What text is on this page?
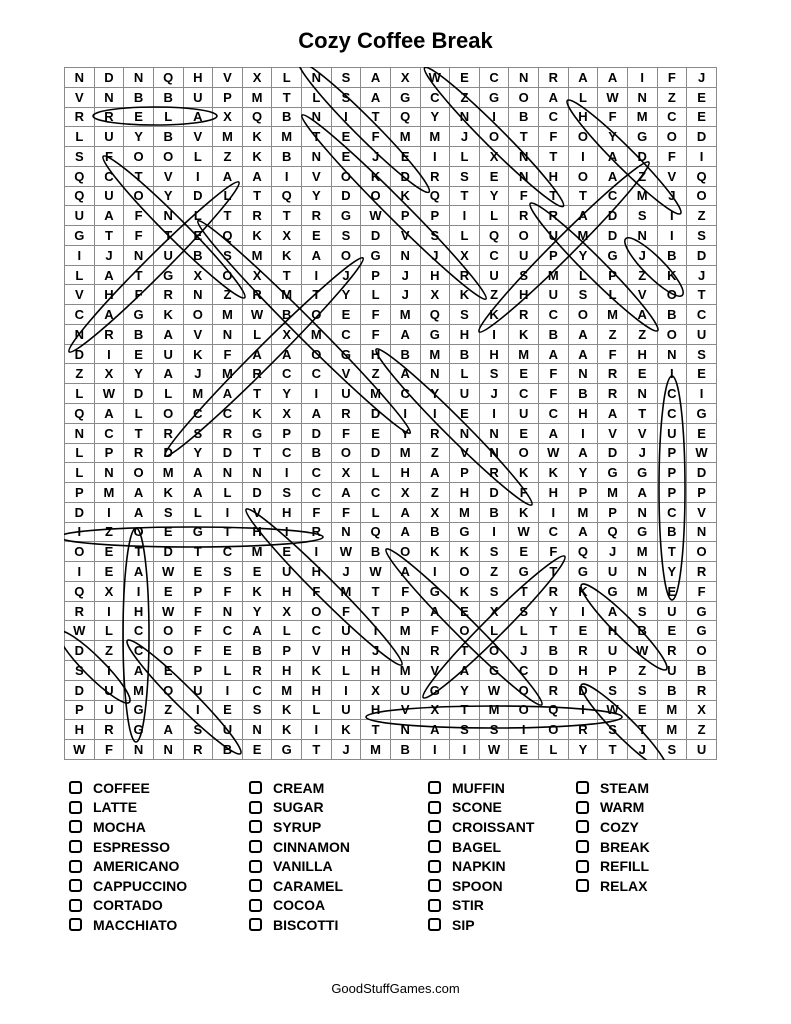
Cozy Coffee Break
N	D	N	Q	H	V	X	L	N	S	A	X	W	E	C	N	R	A	A	I	F	J
V	N	B	B	U	P	M	T	L	S	A	G	C	Z	G	O	A	L	W	N	Z	E
R	R	E	L	A	X	Q	B	N	I	T	Q	Y	N	I	B	C	H	F	M	C	E
L	U	Y	B	V	M	K	M	T	E	F	M	M	J	O	T	F	O	Y	G	O	D
S	F	O	O	L	Z	K	B	N	E	J	E	I	L	X	N	T	I	A	D	F	I
Q	C	T	V	I	A	A	I	V	O	K	D	R	S	E	N	H	O	A	Z	V	Q
Q	U	O	Y	D	L	T	Q	Y	D	O	K	Q	T	Y	F	T	T	C	M	J	O
U	A	F	N	L	T	R	T	R	G	W	P	P	I	L	R	R	A	D	S	I	Z
G	T	F	T	E	Q	K	X	E	S	D	V	S	L	Q	O	U	M	D	N	I	S
I	J	N	U	B	S	M	K	A	O	G	N	J	X	C	U	P	Y	G	J	B	D
L	A	T	G	X	O	X	T	I	J	P	J	H	R	U	S	M	L	P	Z	K	J
V	H	F	R	N	Z	R	M	T	Y	L	J	X	K	Z	H	U	S	L	V	O	T
C	A	G	K	O	M	W	B	O	E	F	M	Q	S	K	R	C	O	M	A	B	C
N	R	B	A	V	N	L	X	M	C	F	A	G	H	I	K	B	A	Z	Z	O	U
D	I	E	U	K	F	A	A	O	G	H	B	M	B	H	M	A	A	F	H	N	S
Z	X	Y	A	J	M	R	C	C	V	Z	A	N	L	S	E	F	N	R	E	I	E
L	W	D	L	M	A	T	Y	I	U	M	C	Y	U	J	C	F	B	R	N	C	I
Q	A	L	O	C	C	K	X	A	R	D	I	I	E	I	U	C	H	A	T	C	G
N	C	T	R	S	R	G	P	D	F	E	Y	R	N	N	E	A	I	V	V	U	E
L	P	R	D	Y	D	T	C	B	O	D	M	Z	V	N	O	W	A	D	J	P	W
L	N	O	M	A	N	N	I	C	X	L	H	A	P	R	K	K	Y	G	G	P	D
P	M	A	K	A	L	D	S	C	A	C	X	Z	H	D	F	H	P	M	A	P	P
D	I	A	S	L	I	V	H	F	F	L	A	X	M	B	K	I	M	P	N	C	V
I	Z	O	E	G	T	H	I	R	N	Q	A	B	G	I	W	C	A	Q	G	B	N
O	E	T	D	T	C	M	E	I	W	B	O	K	K	S	E	F	Q	J	M	T	O
I	E	A	W	E	S	E	U	H	J	W	A	I	O	Z	G	T	G	U	N	Y	R
Q	X	I	E	P	F	K	H	F	M	T	F	G	K	S	T	R	K	G	M	E	F
R	I	H	W	F	N	Y	X	O	F	T	P	A	E	X	S	Y	I	A	S	U	G
W	L	C	O	F	C	A	L	C	U	I	M	F	O	L	L	T	E	H	B	E	G
D	Z	C	O	F	E	B	P	V	H	J	N	R	T	O	J	B	R	U	W	R	O
S	I	A	E	P	L	R	H	K	L	H	M	V	A	G	C	D	H	P	Z	U	B
D	U	M	O	U	I	C	M	H	I	X	U	G	Y	W	O	R	D	S	S	B	R
P	U	G	Z	I	E	S	K	L	U	H	V	X	T	M	O	Q	I	W	E	M	X
H	R	G	A	S	U	N	K	I	K	T	N	A	S	S	I	O	R	S	T	M	Z
W	F	N	N	R	B	E	G	T	J	M	B	I	I	W	E	L	Y	T	J	S	U
COFFEE
LATTE
MOCHA
ESPRESSO
AMERICANO
CAPPUCCINO
CORTADO
MACCHIATO
CREAM
SUGAR
SYRUP
CINNAMON
VANILLA
CARAMEL
COCOA
BISCOTTI
MUFFIN
SCONE
CROISSANT
BAGEL
NAPKIN
SPOON
STIR
SIP
STEAM
WARM
COZY
BREAK
REFILL
RELAX
GoodStuffGames.com
